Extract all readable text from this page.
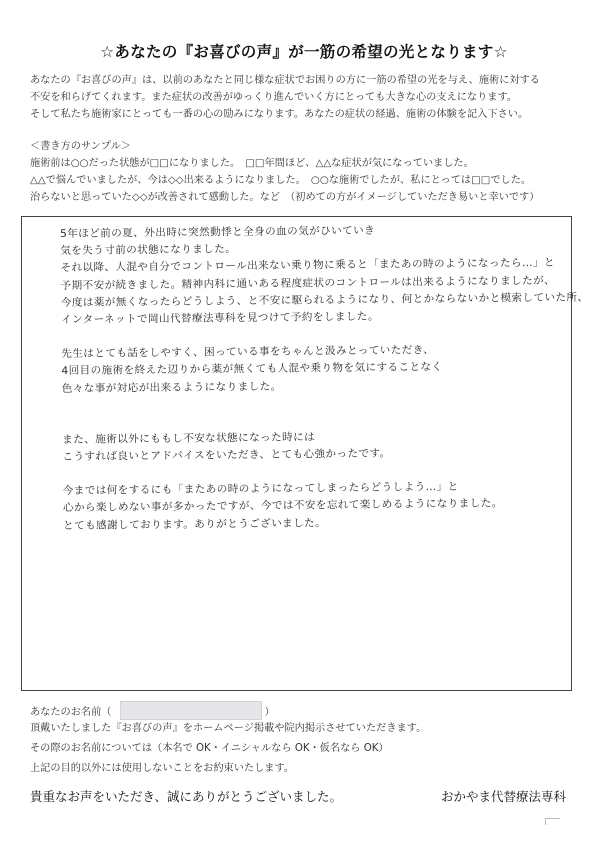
☆あなたの『お喜びの声』が一筋の希望の光となります☆

あなたの『お喜びの声』は、以前のあなたと同じ様な症状でお困りの方に一筋の希望の光を与え、施術に対する

不安を和らげてくれます。また症状の改善がゆっくり進んでいく方にとっても大きな心の支えになります。

そして私たち施術家にとっても一番の心の励みになります。あなたの症状の経過、施術の体験を記入下さい。

＜書き方のサンプル＞

施術前は○○だった状態が□□になりました。　□□年間ほど、△△な症状が気になっていました。

△△で悩んでいましたが、今は◇◇出来るようになりました。　○○な施術でしたが、私にとっては□□でした。

治らないと思っていた◇◇が改善されて感動した。など　（初めての方がイメージしていただき易いと幸いです）

5年ほど前の夏、外出時に突然動悸と全身の血の気がひいていき

気を失う寸前の状態になりました。

それ以降、人混や自分でコントロール出来ない乗り物に乗ると「またあの時のようになったら…」と

予期不安が続きました。精神内科に通いある程度症状のコントロールは出来るようになりましたが、

今度は薬が無くなったらどうしよう、と不安に駆られるようになり、何とかならないかと模索していた所、

インターネットで岡山代替療法専科を見つけて予約をしました。

先生はとても話をしやすく、困っている事をちゃんと汲みとっていただき、

4回目の施術を終えた辺りから薬が無くても人混や乗り物を気にすることなく

色々な事が対応が出来るようになりました。

また、施術以外にももし不安な状態になった時には

こうすれば良いとアドバイスをいただき、とても心強かったです。

今までは何をするにも「またあの時のようになってしまったらどうしよう…」と

心から楽しめない事が多かったですが、今では不安を忘れて楽しめるようになりました。

とても感謝しております。ありがとうございました。

あなたのお名前（	）
頂戴いたしました『お喜びの声』をホームページ掲載や院内掲示させていただきます。
その際のお名前については（本名で OK・イニシャルなら OK・仮名なら OK）
上記の目的以外には使用しないことをお約束いたします。
貴重なお声をいただき、誠にありがとうございました。	おかやま代替療法専科
